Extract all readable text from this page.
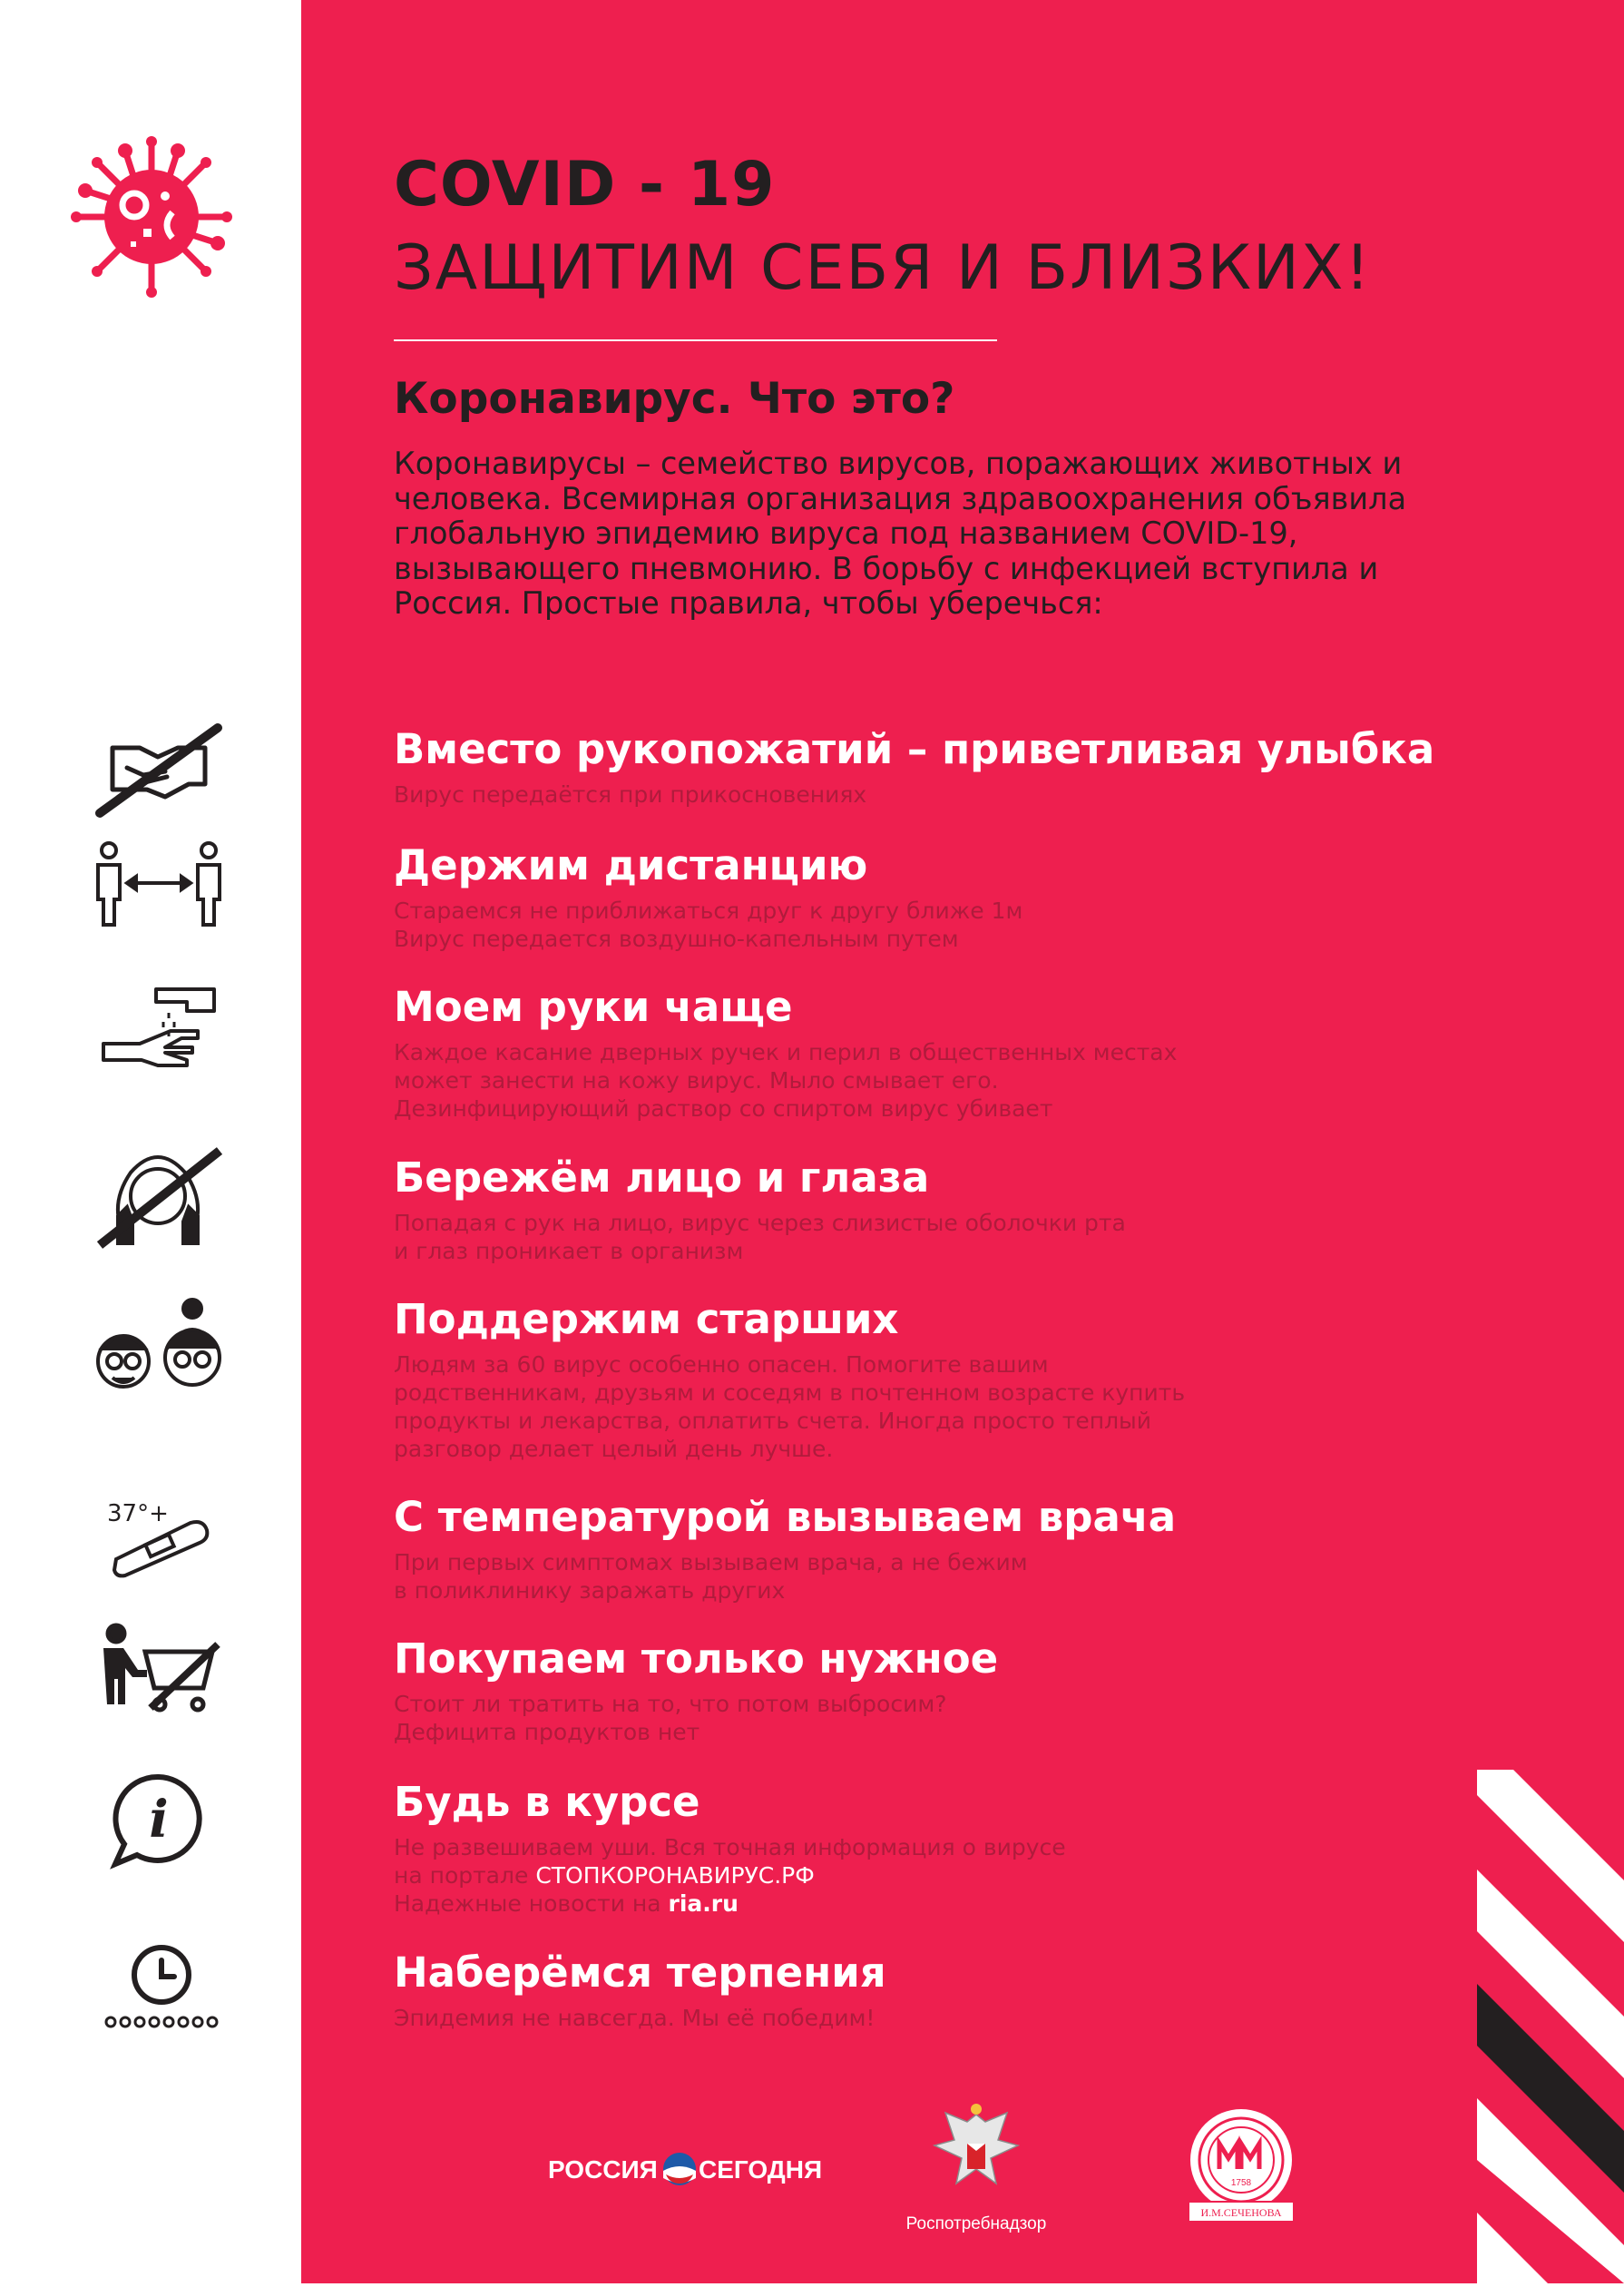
COVID - 19
ЗАЩИТИМ СЕБЯ И БЛИЗКИХ!
Коронавирус. Что это?
Коронавирусы – семейство вирусов, поражающих животных и
человека. Всемирная организация здравоохранения объявила
глобальную эпидемию вируса под названием COVID-19,
вызывающего пневмонию. В борьбу с инфекцией вступила и
Россия. Простые правила, чтобы уберечься:
37°+
i
Вместо рукопожатий – приветливая улыбка
Вирус передаётся при прикосновениях
Держим дистанцию
Стараемся не приближаться друг к другу ближе 1м
Вирус передается воздушно-капельным путем
Моем руки чаще
Каждое касание дверных ручек и перил в общественных местах
может занести на кожу вирус. Мыло смывает его.
Дезинфицирующий раствор со спиртом вирус убивает
Бережём лицо и глаза
Попадая с рук на лицо, вирус через слизистые оболочки рта
и глаз проникает в организм
Поддержим старших
Людям за 60 вирус особенно опасен. Помогите вашим
родственникам, друзьям и соседям в почтенном возрасте купить
продукты и лекарства, оплатить счета. Иногда просто теплый
разговор делает целый день лучше.
С температурой вызываем врача
При первых симптомах вызываем врача, а не бежим
в поликлинику заражать других
Покупаем только нужное
Стоит ли тратить на то, что потом выбросим?
Дефицита продуктов нет
Будь в курсе
Не развешиваем уши. Вся точная информация о вирусе
на портале СТОПКОРОНАВИРУС.РФ
Надежные новости на ria.ru
Наберёмся терпения
Эпидемия не навсегда. Мы её победим!
РОССИЯ СЕГОДНЯ
Роспотребнадзор
1758
И.М.СЕЧЕНОВА
